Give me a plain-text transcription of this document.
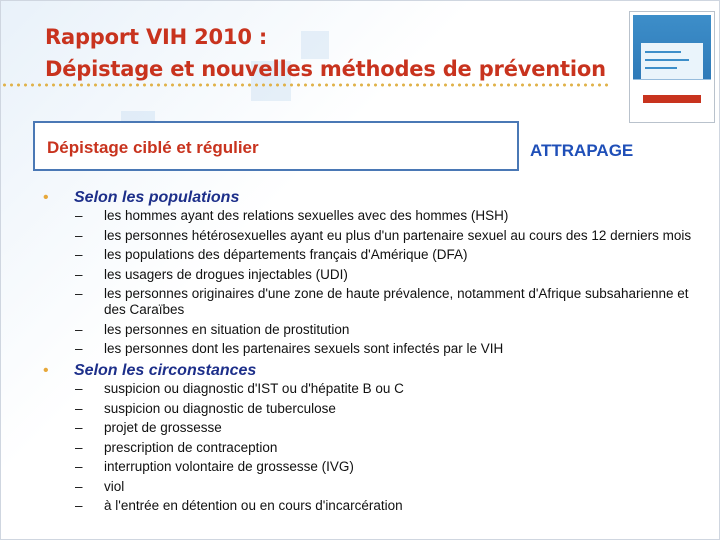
Rapport VIH 2010 :
Dépistage et nouvelles méthodes de prévention
Dépistage ciblé et régulier	ATTRAPAGE
•	Selon les populations
– les hommes ayant des relations sexuelles avec des hommes (HSH)
– les personnes hétérosexuelles ayant eu plus d'un partenaire sexuel au cours des 12 derniers mois
– les populations des départements français d'Amérique (DFA)
– les usagers de drogues injectables (UDI)
– les personnes originaires d'une zone de haute prévalence, notamment d'Afrique subsaharienne et des Caraïbes
– les personnes en situation de prostitution
– les personnes dont les partenaires sexuels sont infectés par le VIH
•	Selon les circonstances
– suspicion ou diagnostic d'IST ou d'hépatite B ou C
– suspicion ou diagnostic de tuberculose
– projet de grossesse
– prescription de contraception
– interruption volontaire de grossesse (IVG)
– viol
– à l'entrée en détention ou en cours d'incarcération
